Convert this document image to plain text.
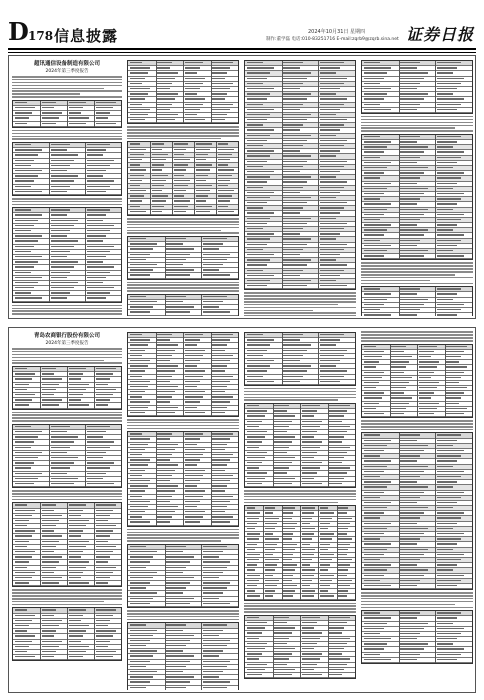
D 178 信息披露	2024年10月31日 星期四
制作:董学磊 电话:010-83251716 E-mail:zqrb9@zqrb.sina.net 证券日报
超讯通信设备制造有限公司
2024年第三季度报告
青岛农商银行股份有限公司
2024年第三季度报告
